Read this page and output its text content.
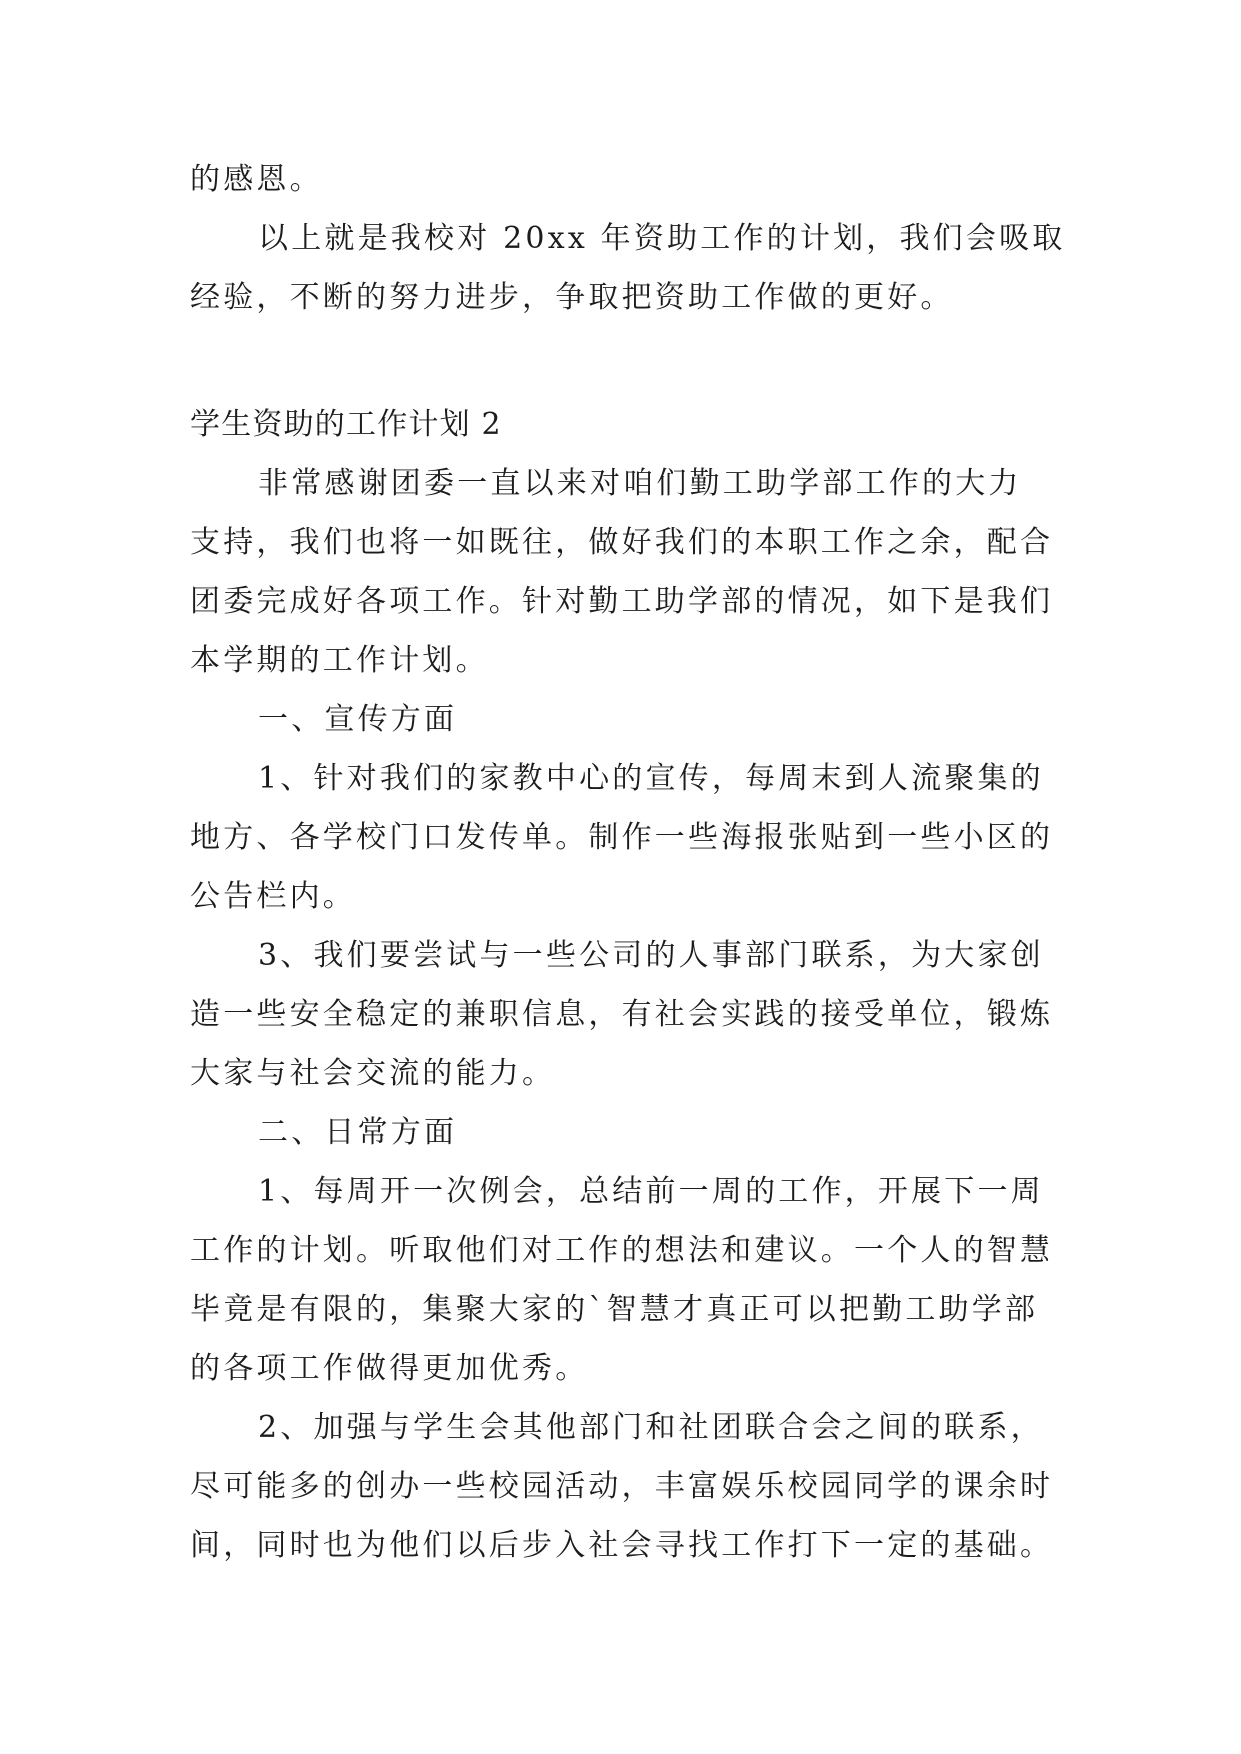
的感恩。
以上就是我校对 20xx 年资助工作的计划，我们会吸取
经验，不断的努力进步，争取把资助工作做的更好。
学生资助的工作计划 2
非常感谢团委一直以来对咱们勤工助学部工作的大力
支持，我们也将一如既往，做好我们的本职工作之余，配合
团委完成好各项工作。针对勤工助学部的情况，如下是我们
本学期的工作计划。
一、宣传方面
1、针对我们的家教中心的宣传，每周末到人流聚集的
地方、各学校门口发传单。制作一些海报张贴到一些小区的
公告栏内。
3、我们要尝试与一些公司的人事部门联系，为大家创
造一些安全稳定的兼职信息，有社会实践的接受单位，锻炼
大家与社会交流的能力。
二、日常方面
1、每周开一次例会，总结前一周的工作，开展下一周
工作的计划。听取他们对工作的想法和建议。一个人的智慧
毕竟是有限的，集聚大家的`智慧才真正可以把勤工助学部
的各项工作做得更加优秀。
2、加强与学生会其他部门和社团联合会之间的联系，
尽可能多的创办一些校园活动，丰富娱乐校园同学的课余时
间，同时也为他们以后步入社会寻找工作打下一定的基础。
